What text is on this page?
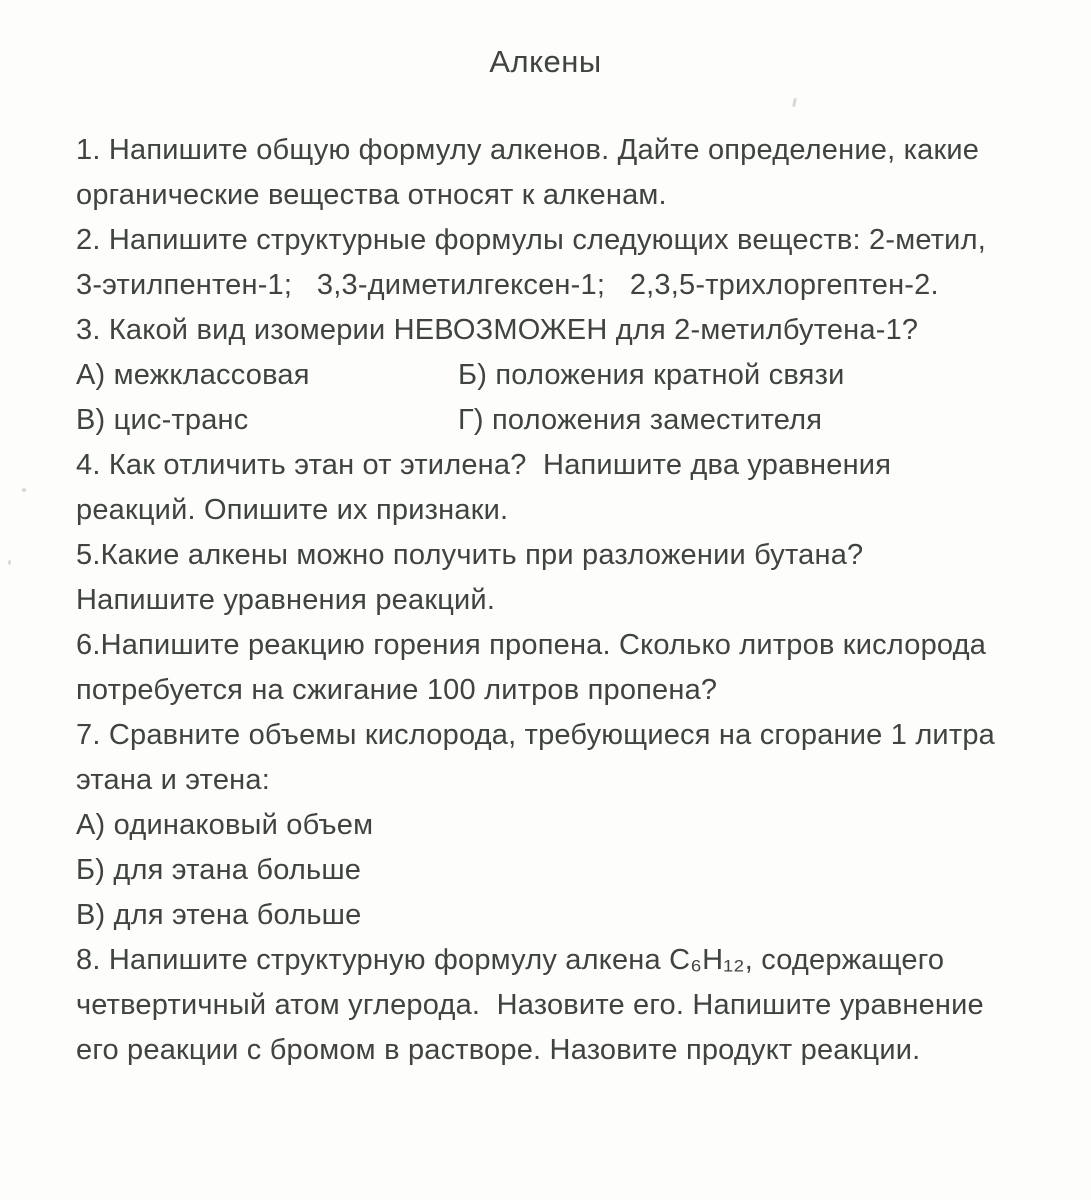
Алкены
1. Напишите общую формулу алкенов. Дайте определение, какие
органические вещества относят к алкенам.
2. Напишите структурные формулы следующих веществ: 2-метил,
3-этилпентен-1;   3,3-диметилгексен-1;   2,3,5-трихлоргептен-2.
3. Какой вид изомерии НЕВОЗМОЖЕН для 2-метилбутена-1?
А) межклассовая	Б) положения кратной связи
В) цис-транс	Г) положения заместителя
4. Как отличить этан от этилена?  Напишите два уравнения
реакций. Опишите их признаки.
5.Какие алкены можно получить при разложении бутана?
Напишите уравнения реакций.
6.Напишите реакцию горения пропена. Сколько литров кислорода
потребуется на сжигание 100 литров пропена?
7. Сравните объемы кислорода, требующиеся на сгорание 1 литра
этана и этена:
А) одинаковый объем
Б) для этана больше
В) для этена больше
8. Напишите структурную формулу алкена C₆H₁₂, содержащего
четвертичный атом углерода.  Назовите его. Напишите уравнение
его реакции с бромом в растворе. Назовите продукт реакции.
